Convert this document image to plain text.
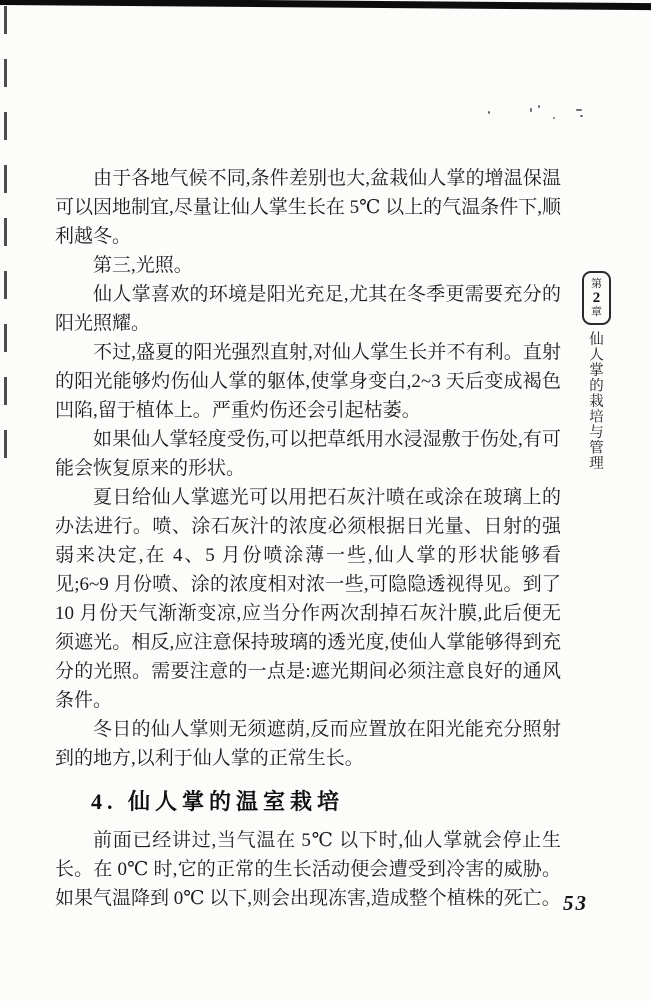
由于各地气候不同,条件差别也大,盆栽仙人掌的增温保温可以因地制宜,尽量让仙人掌生长在 5℃ 以上的气温条件下,顺利越冬。

第三,光照。

仙人掌喜欢的环境是阳光充足,尤其在冬季更需要充分的阳光照耀。

不过,盛夏的阳光强烈直射,对仙人掌生长并不有利。直射的阳光能够灼伤仙人掌的躯体,使掌身变白,2~3 天后变成褐色凹陷,留于植体上。严重灼伤还会引起枯萎。

如果仙人掌轻度受伤,可以把草纸用水浸湿敷于伤处,有可能会恢复原来的形状。

夏日给仙人掌遮光可以用把石灰汁喷在或涂在玻璃上的办法进行。喷、涂石灰汁的浓度必须根据日光量、日射的强弱来决定,在 4、5 月份喷涂薄一些,仙人掌的形状能够看见;6~9 月份喷、涂的浓度相对浓一些,可隐隐透视得见。到了 10 月份天气渐渐变凉,应当分作两次刮掉石灰汁膜,此后便无须遮光。相反,应注意保持玻璃的透光度,使仙人掌能够得到充分的光照。需要注意的一点是:遮光期间必须注意良好的通风条件。

冬日的仙人掌则无须遮荫,反而应置放在阳光能充分照射到的地方,以利于仙人掌的正常生长。

4. 仙人掌的温室栽培

前面已经讲过,当气温在 5℃ 以下时,仙人掌就会停止生长。在 0℃ 时,它的正常的生长活动便会遭受到冷害的威胁。如果气温降到 0℃ 以下,则会出现冻害,造成整个植株的死亡。

第
2
章
仙人掌的栽培与管理
53
